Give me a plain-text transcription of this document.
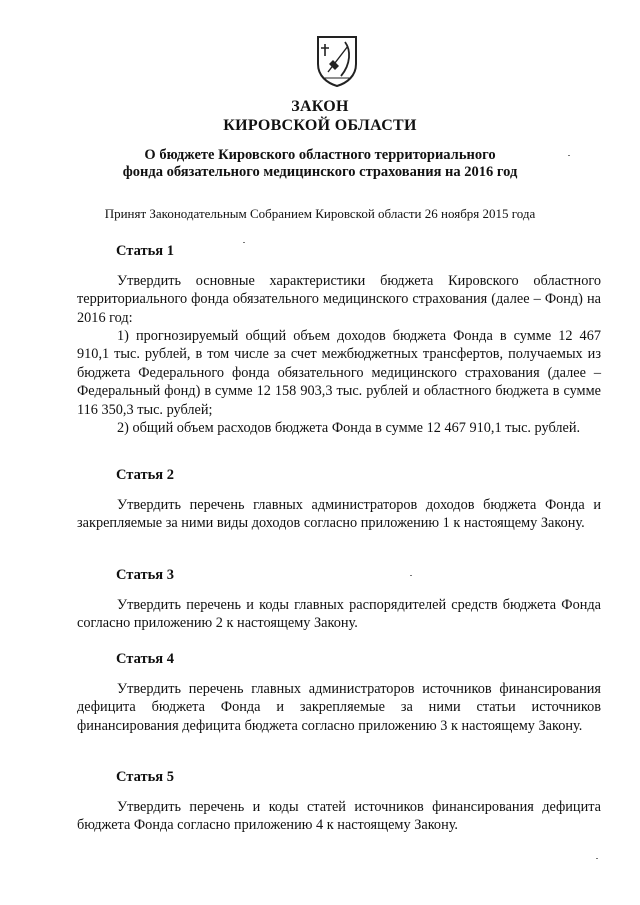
ЗАКОН
КИРОВСКОЙ ОБЛАСТИ
О бюджете Кировского областного территориального
фонда обязательного медицинского страхования на 2016 год
Принят Законодательным Собранием Кировской области 26 ноября 2015 года
Статья 1

Утвердить основные характеристики бюджета Кировского областного территориального фонда обязательного медицинского страхования (далее – Фонд) на 2016 год:

1) прогнозируемый общий объем доходов бюджета Фонда в сумме 12 467 910,1 тыс. рублей, в том числе за счет межбюджетных трансфертов, получаемых из бюджета Федерального фонда обязательного медицинского страхования (далее – Федеральный фонд) в сумме 12 158 903,3 тыс. рублей и областного бюджета в сумме 116 350,3 тыс. рублей;

2) общий объем расходов бюджета Фонда в сумме 12 467 910,1 тыс. рублей.

Статья 2

Утвердить перечень главных администраторов доходов бюджета Фонда и закрепляемые за ними виды доходов согласно приложению 1 к настоящему Закону.

Статья 3

Утвердить перечень и коды главных распорядителей средств бюджета Фонда согласно приложению 2 к настоящему Закону.

Статья 4

Утвердить перечень главных администраторов источников финансирования дефицита бюджета Фонда и закрепляемые за ними статьи источников финансирования дефицита бюджета согласно приложению 3 к настоящему Закону.

Статья 5

Утвердить перечень и коды статей источников финансирования дефицита бюджета Фонда согласно приложению 4 к настоящему Закону.
